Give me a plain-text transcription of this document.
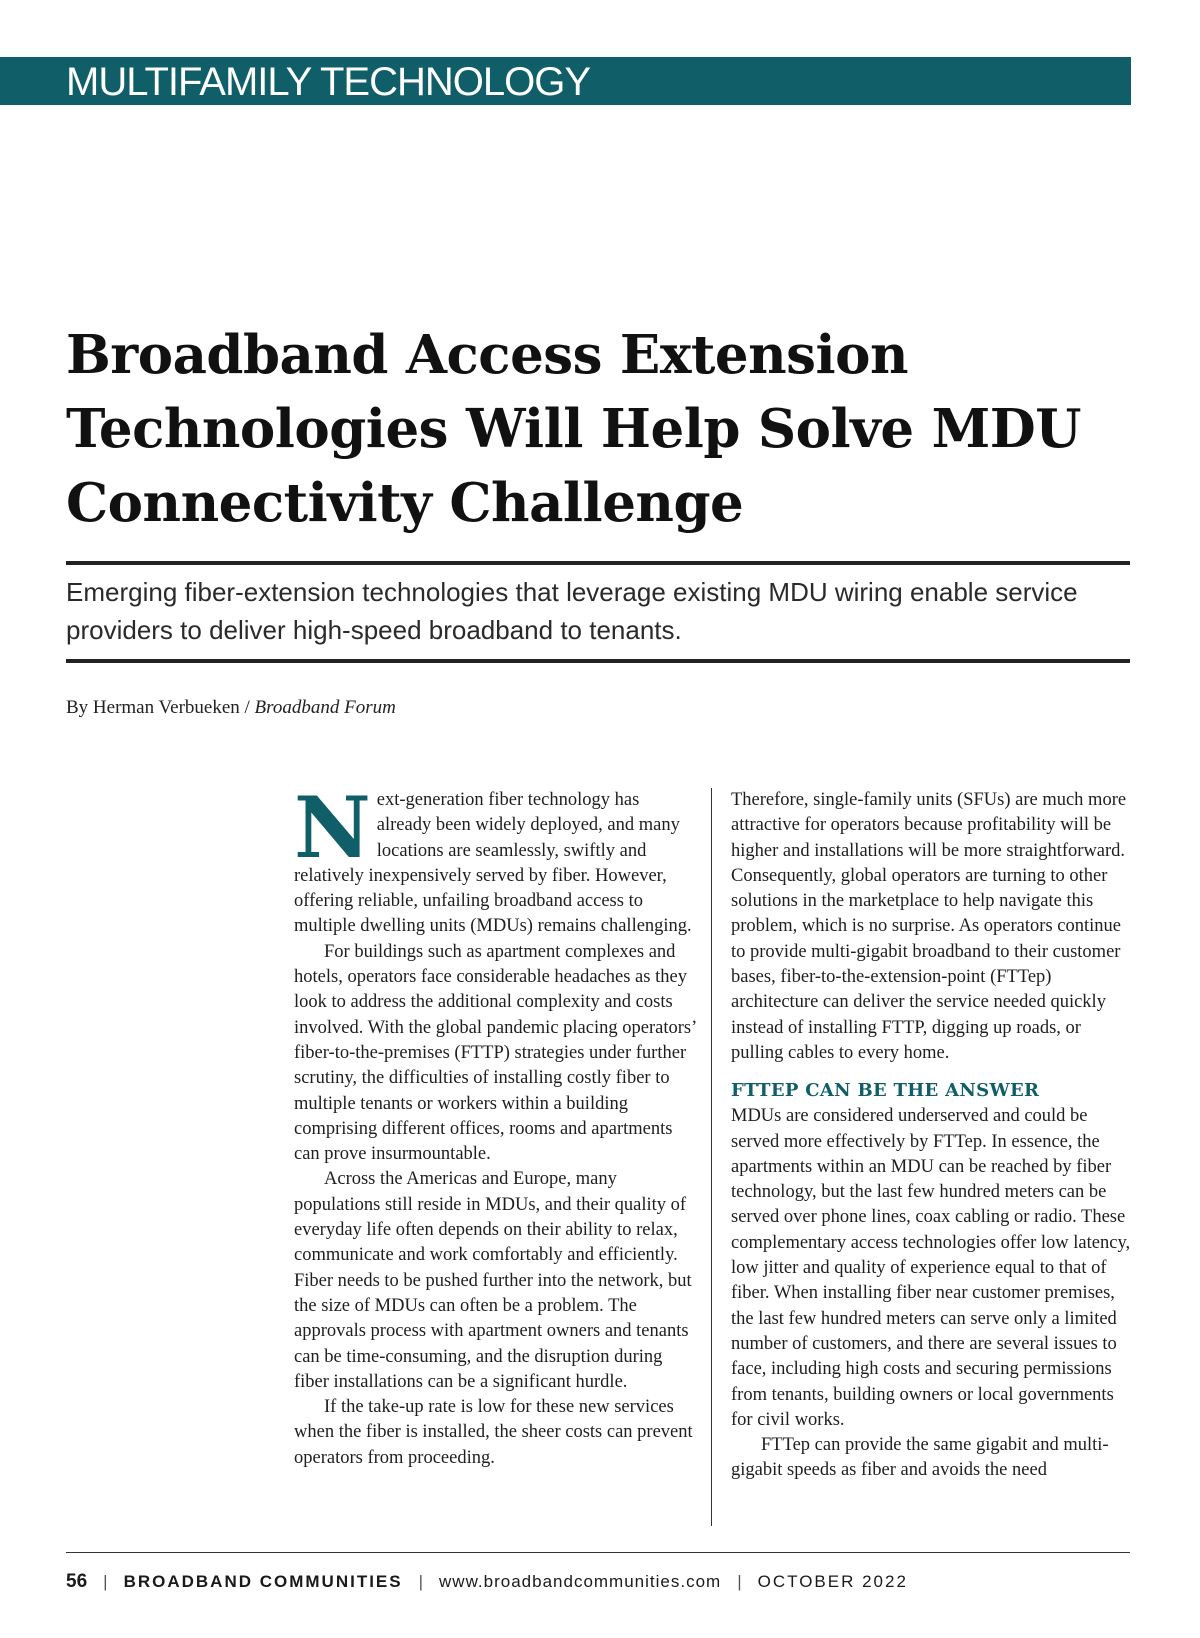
MULTIFAMILY TECHNOLOGY
Broadband Access Extension Technologies Will Help Solve MDU Connectivity Challenge

Emerging fiber-extension technologies that leverage existing MDU wiring enable service providers to deliver high-speed broadband to tenants.

By Herman Verbueken / Broadband Forum

Next-generation fiber technology has already been widely deployed, and many locations are seamlessly, swiftly and relatively inexpensively served by fiber. However, offering reliable, unfailing broadband access to multiple dwelling units (MDUs) remains challenging.

For buildings such as apartment complexes and hotels, operators face considerable headaches as they look to address the additional complexity and costs involved. With the global pandemic placing operators’ fiber-to-the-premises (FTTP) strategies under further scrutiny, the difficulties of installing costly fiber to multiple tenants or workers within a building comprising different offices, rooms and apartments can prove insurmountable.

Across the Americas and Europe, many populations still reside in MDUs, and their quality of everyday life often depends on their ability to relax, communicate and work comfortably and efficiently. Fiber needs to be pushed further into the network, but the size of MDUs can often be a problem. The approvals process with apartment owners and tenants can be time-consuming, and the disruption during fiber installations can be a significant hurdle.

If the take-up rate is low for these new services when the fiber is installed, the sheer costs can prevent operators from proceeding.

Therefore, single-family units (SFUs) are much more attractive for operators because profitability will be higher and installations will be more straightforward. Consequently, global operators are turning to other solutions in the marketplace to help navigate this problem, which is no surprise. As operators continue to provide multi-gigabit broadband to their customer bases, fiber-to-the-extension-point (FTTep) architecture can deliver the service needed quickly instead of installing FTTP, digging up roads, or pulling cables to every home.

FTTEP CAN BE THE ANSWER

MDUs are considered underserved and could be served more effectively by FTTep. In essence, the apartments within an MDU can be reached by fiber technology, but the last few hundred meters can be served over phone lines, coax cabling or radio. These complementary access technologies offer low latency, low jitter and quality of experience equal to that of fiber. When installing fiber near customer premises, the last few hundred meters can serve only a limited number of customers, and there are several issues to face, including high costs and securing permissions from tenants, building owners or local governments for civil works.

FTTep can provide the same gigabit and multi-gigabit speeds as fiber and avoids the need

56 | BROADBAND COMMUNITIES | www.broadbandcommunities.com | OCTOBER 2022
